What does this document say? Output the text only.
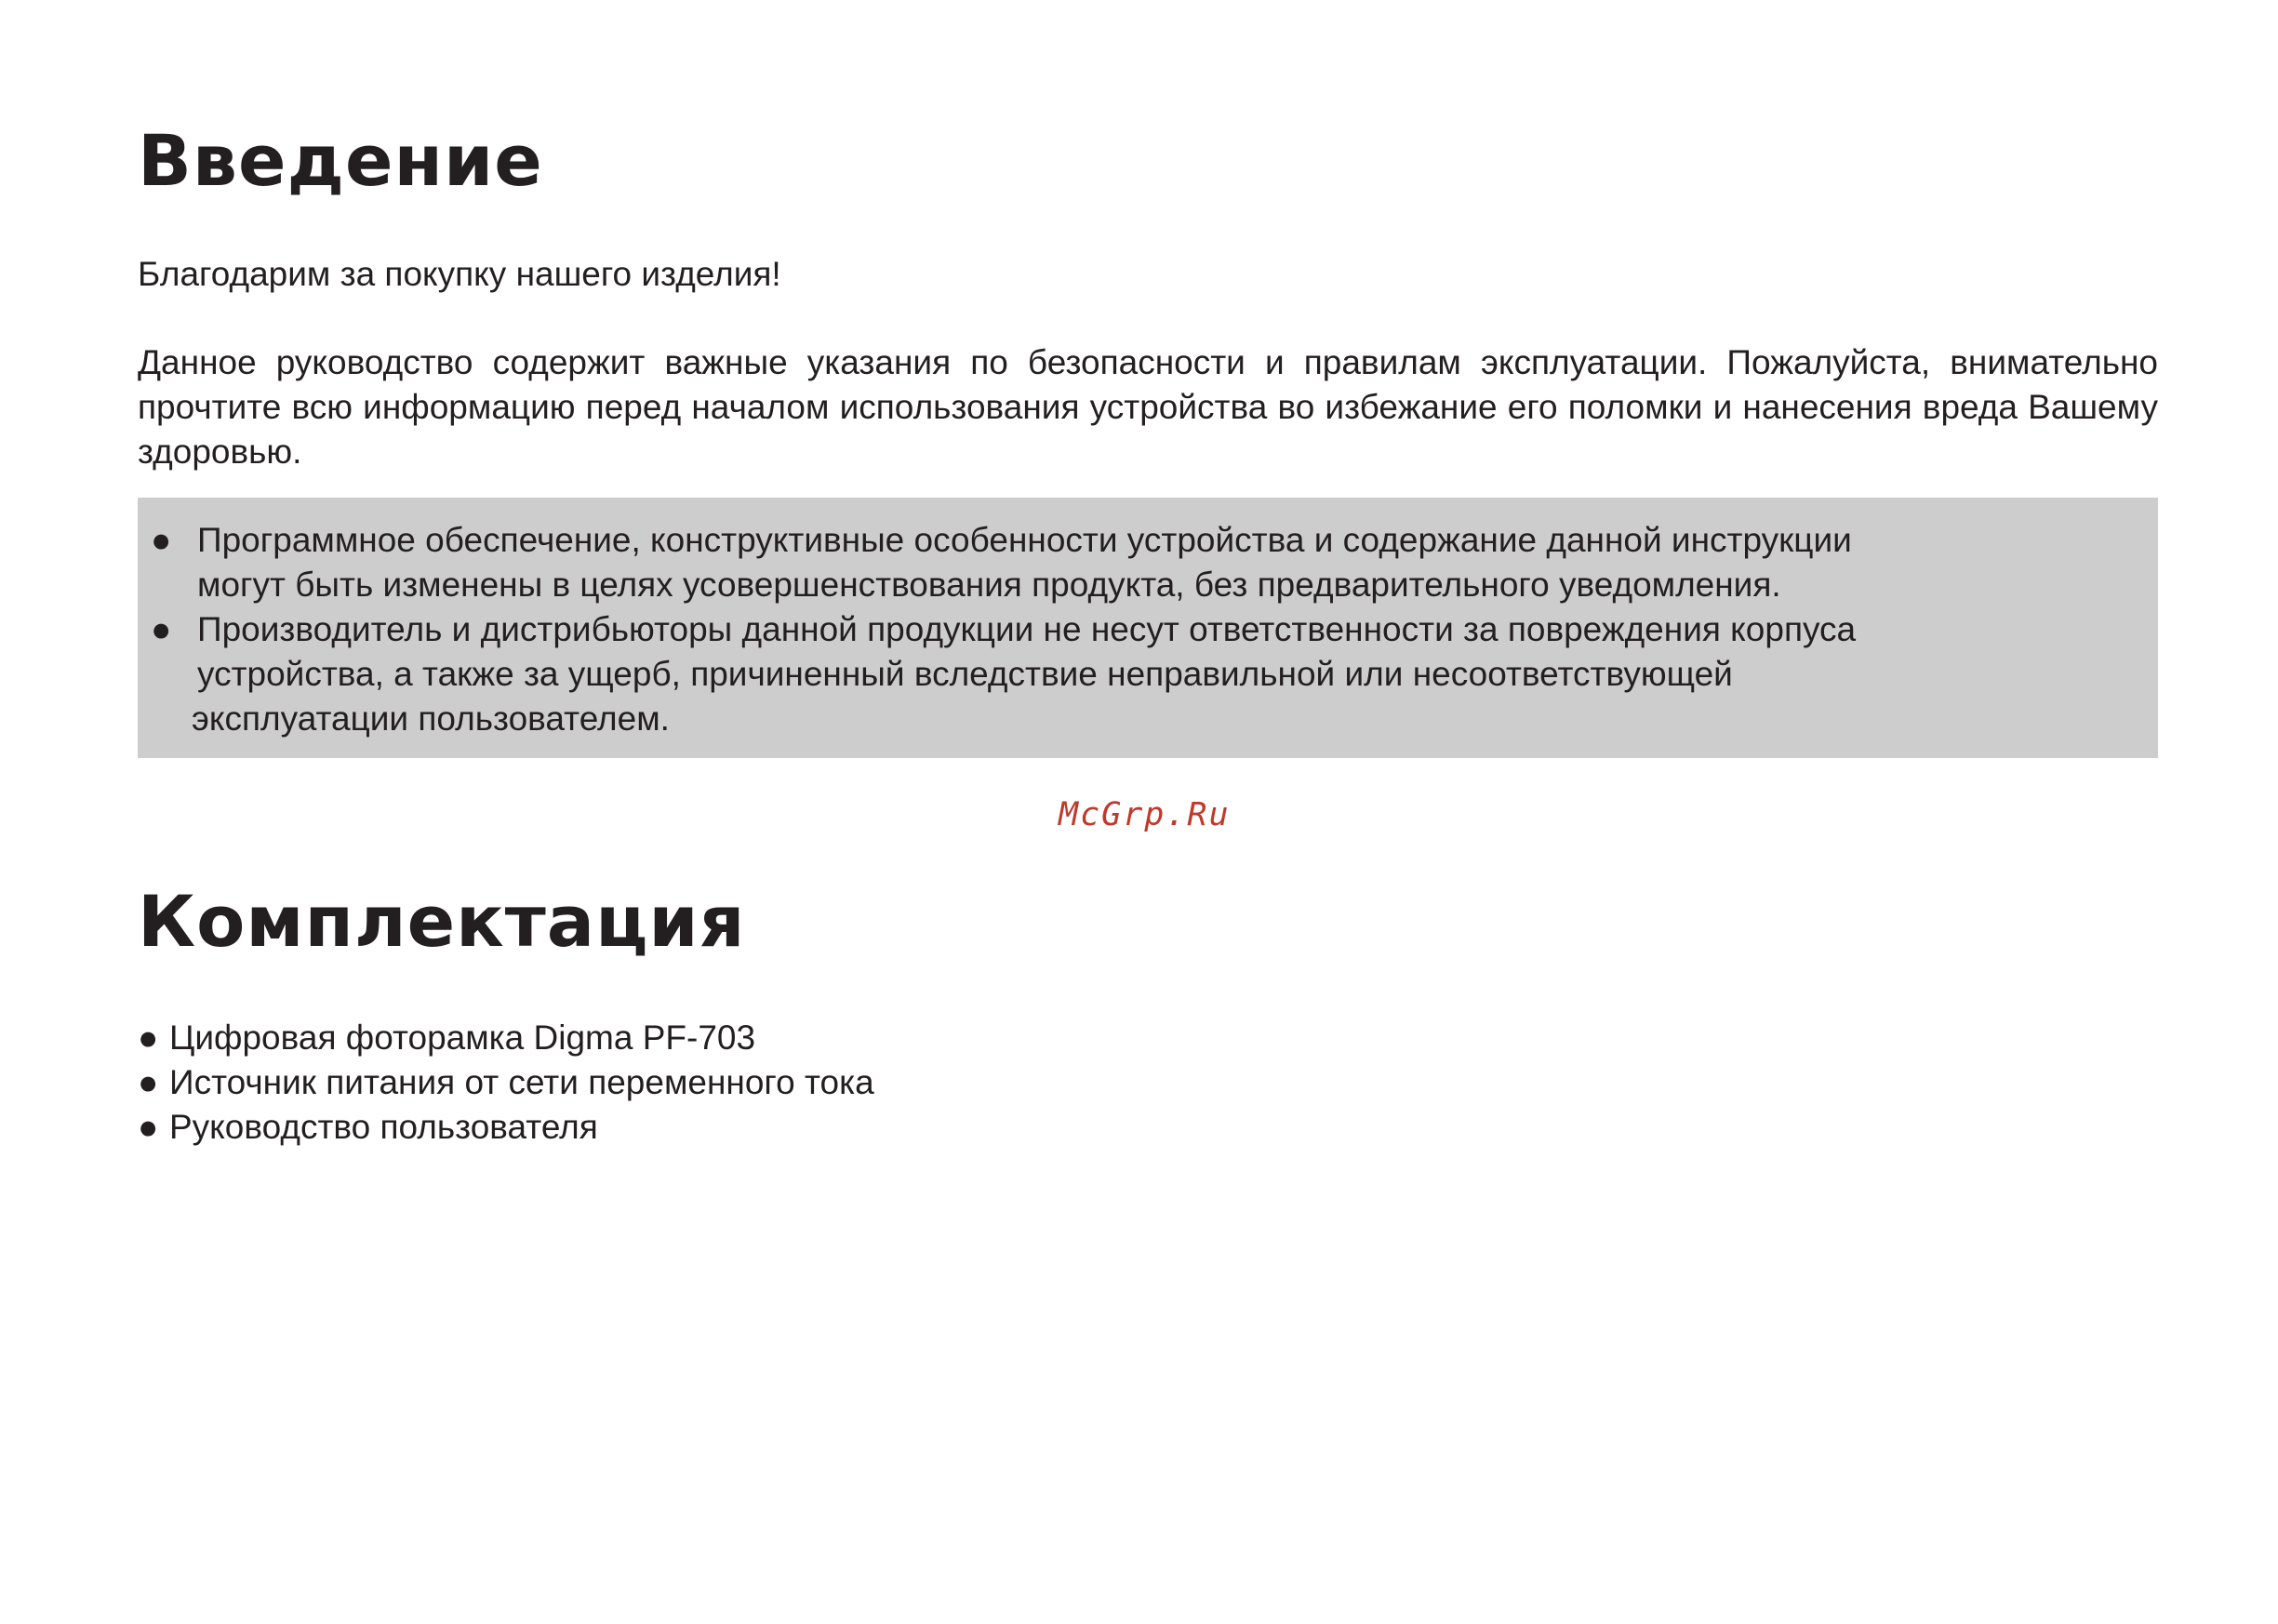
Введение
Благодарим за покупку нашего изделия!
Данное руководство содержит важные указания по безопасности и правилам эксплуатации. Пожалуйста, внимательно прочтите всю информацию перед началом использования устройства во избежание его поломки и нанесения вреда Вашему здоровью.
● Программное обеспечение, конструктивные особенности устройства и содержание данной инструкции
могут быть изменены в целях усовершенствования продукта, без предварительного уведомления.
● Производитель и дистрибьюторы данной продукции не несут ответственности за повреждения корпуса
устройства, а также за ущерб, причиненный вследствие неправильной или несоответствующей
эксплуатации пользователем.
McGrp.Ru
Комплектация
● Цифровая фоторамка Digma PF-703
● Источник питания от сети переменного тока
● Руководство пользователя
